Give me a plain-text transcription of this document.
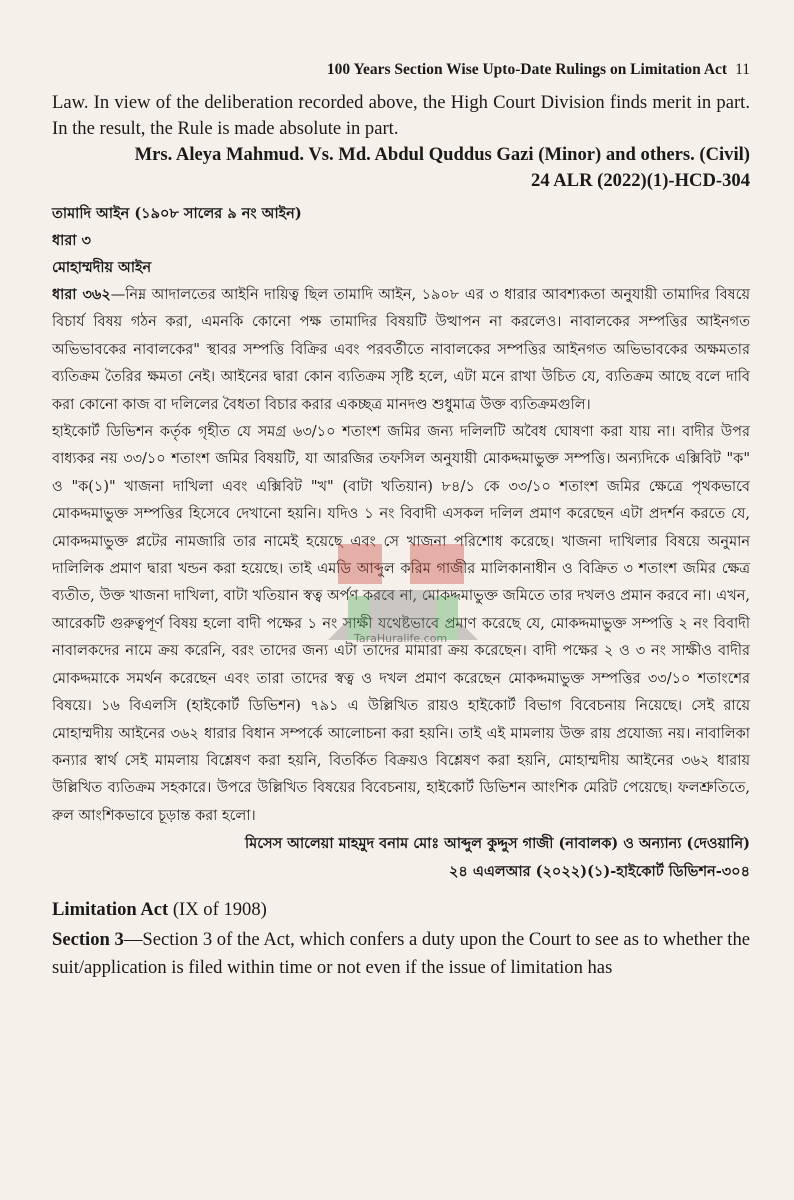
100 Years Section Wise Upto-Date Rulings on Limitation Act 11

Law. In view of the deliberation recorded above, the High Court Division finds merit in part. In the result, the Rule is made absolute in part.

Mrs. Aleya Mahmud. Vs. Md. Abdul Quddus Gazi (Minor) and others. (Civil)

24 ALR (2022)(1)-HCD-304

তামাদি আইন (১৯০৮ সালের ৯ নং আইন)

ধারা ৩

মোহাম্মদীয় আইন

ধারা ৩৬২—নিম্ন আদালতের আইনি দায়িত্ব ছিল তামাদি আইন, ১৯০৮ এর ৩ ধারার আবশ্যকতা অনুযায়ী তামাদির বিষয়ে বিচার্য বিষয় গঠন করা, এমনকি কোনো পক্ষ তামাদির বিষয়টি উত্থাপন না করলেও। নাবালকের সম্পত্তির আইনগত অভিভাবকের নাবালকের" স্থাবর সম্পত্তি বিক্রির এবং পরবর্তীতে নাবালকের সম্পত্তির আইনগত অভিভাবকের অক্ষমতার ব্যতিক্রম তৈরির ক্ষমতা নেই। আইনের দ্বারা কোন ব্যতিক্রম সৃষ্টি হলে, এটা মনে রাখা উচিত যে, ব্যতিক্রম আছে বলে দাবি করা কোনো কাজ বা দলিলের বৈধতা বিচার করার একচ্ছত্র মানদণ্ড শুধুমাত্র উক্ত ব্যতিক্রমগুলি।

হাইকোর্ট ডিভিশন কর্তৃক গৃহীত যে সমগ্র ৬৩/১০ শতাংশ জমির জন্য দলিলটি অবৈধ ঘোষণা করা যায় না। বাদীর উপর বাধ্যকর নয় ৩৩/১০ শতাংশ জমির বিষয়টি, যা আরজির তফসিল অনুযায়ী মোকদ্দমাভুক্ত সম্পত্তি। অন্যদিকে এক্সিবিট "ক" ও "ক(১)" খাজনা দাখিলা এবং এক্সিবিট "খ" (বাটা খতিয়ান) ৮৪/১ কে ৩৩/১০ শতাংশ জমির ক্ষেত্রে পৃথকভাবে মোকদ্দমাভুক্ত সম্পত্তির হিসেবে দেখানো হয়নি। যদিও ১ নং বিবাদী এসকল দলিল প্রমাণ করেছেন এটা প্রদর্শন করতে যে, মোকদ্দমাভুক্ত প্লটের নামজারি তার নামেই হয়েছে এবং সে খাজনা পরিশোধ করেছে। খাজনা দাখিলার বিষয়ে অনুমান দালিলিক প্রমাণ দ্বারা খন্ডন করা হয়েছে। তাই এমডি আব্দুল করিম গাজীর মালিকানাধীন ও বিক্রিত ৩ শতাংশ জমির ক্ষেত্র ব্যতীত, উক্ত খাজনা দাখিলা, বাটা খতিয়ান স্বত্ব অর্পণ করবে না, মোকদ্দমাভুক্ত জমিতে তার দখলও প্রমান করবে না। এখন, আরেকটি গুরুত্বপূর্ণ বিষয় হলো বাদী পক্ষের ১ নং সাক্ষী যথেষ্টভাবে প্রমাণ করেছে যে, মোকদ্দমাভুক্ত সম্পত্তি ২ নং বিবাদী নাবালকদের নামে ক্রয় করেনি, বরং তাদের জন্য এটা তাদের মামারা ক্রয় করেছেন। বাদী পক্ষের ২ ও ৩ নং সাক্ষীও বাদীর মোকদ্দমাকে সমর্থন করেছেন এবং তারা তাদের স্বত্ব ও দখল প্রমাণ করেছেন মোকদ্দমাভুক্ত সম্পত্তির ৩৩/১০ শতাংশের বিষয়ে। ১৬ বিএলসি (হাইকোর্ট ডিভিশন) ৭৯১ এ উল্লিখিত রায়ও হাইকোর্ট বিভাগ বিবেচনায় নিয়েছে। সেই রায়ে মোহাম্মদীয় আইনের ৩৬২ ধারার বিধান সম্পর্কে আলোচনা করা হয়নি। তাই এই মামলায় উক্ত রায় প্রযোজ্য নয়। নাবালিকা কন্যার স্বার্থ সেই মামলায় বিশ্লেষণ করা হয়নি, বিতর্কিত বিক্রয়ও বিশ্লেষণ করা হয়নি, মোহাম্মদীয় আইনের ৩৬২ ধারায় উল্লিখিত ব্যতিক্রম সহকারে। উপরে উল্লিখিত বিষয়ের বিবেচনায়, হাইকোর্ট ডিভিশন আংশিক মেরিট পেয়েছে। ফলশ্রুতিতে, রুল আংশিকভাবে চূড়ান্ত করা হলো।

মিসেস আলেয়া মাহমুদ বনাম মোঃ আব্দুল কুদ্দুস গাজী (নাবালক) ও অন্যান্য (দেওয়ানি)

২৪ এএলআর (২০২২)(১)-হাইকোর্ট ডিভিশন-৩০৪

Limitation Act (IX of 1908)

Section 3—Section 3 of the Act, which confers a duty upon the Court to see as to whether the suit/application is filed within time or not even if the issue of limitation has

TaraHuralife.com
